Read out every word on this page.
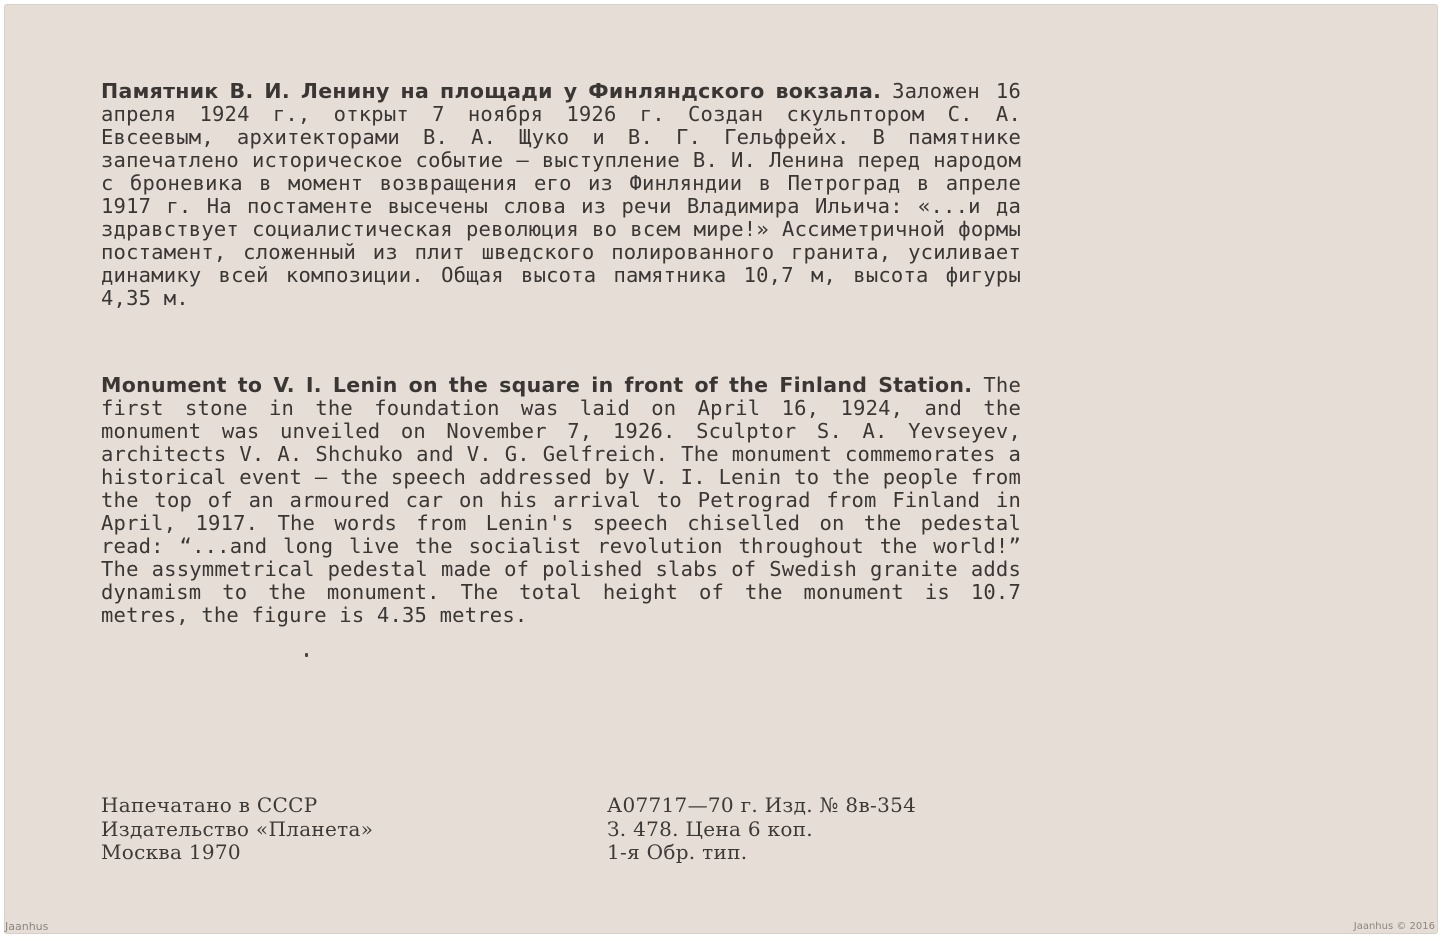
Памятник В. И. Ленину на площади у Финляндского вокзала. Заложен 16 апреля 1924 г., открыт 7 ноября 1926 г. Создан скульптором С. А. Евсеевым, архитекторами В. А. Щуко и В. Г. Гельфрейх. В памятнике запечатлено историческое событие — выступление В. И. Ленина перед народом с броневика в момент возвращения его из Финляндии в Петроград в апреле 1917 г. На постаменте высечены слова из речи Владимира Ильича: «...и да здравствует социалистическая революция во всем мире!» Ассиметричной формы постамент, сложенный из плит шведского полированного гранита, усиливает динамику всей композиции. Общая высота памятника 10,7 м, высота фигуры 4,35 м.
Monument to V. I. Lenin on the square in front of the Finland Station. The first stone in the foundation was laid on April 16, 1924, and the monument was unveiled on November 7, 1926. Sculptor S. A. Yevseyev, architects V. A. Shchuko and V. G. Gelfreich. The monument commemorates a historical event — the speech addressed by V. I. Lenin to the people from the top of an armoured car on his arrival to Petrograd from Finland in April, 1917. The words from Lenin's speech chiselled on the pedestal read: “...and long live the socialist revolution throughout the world!” The assymmetrical pedestal made of polished slabs of Swedish granite adds dynamism to the monument. The total height of the monument is 10.7 metres, the figure is 4.35 metres.
Напечатано в СССР
Издательство «Планета»
Москва 1970
А07717—70 г. Изд. № 8в-354
З. 478. Цена 6 коп.
1-я Обр. тип.
Jaanhus	Jaanhus © 2016
